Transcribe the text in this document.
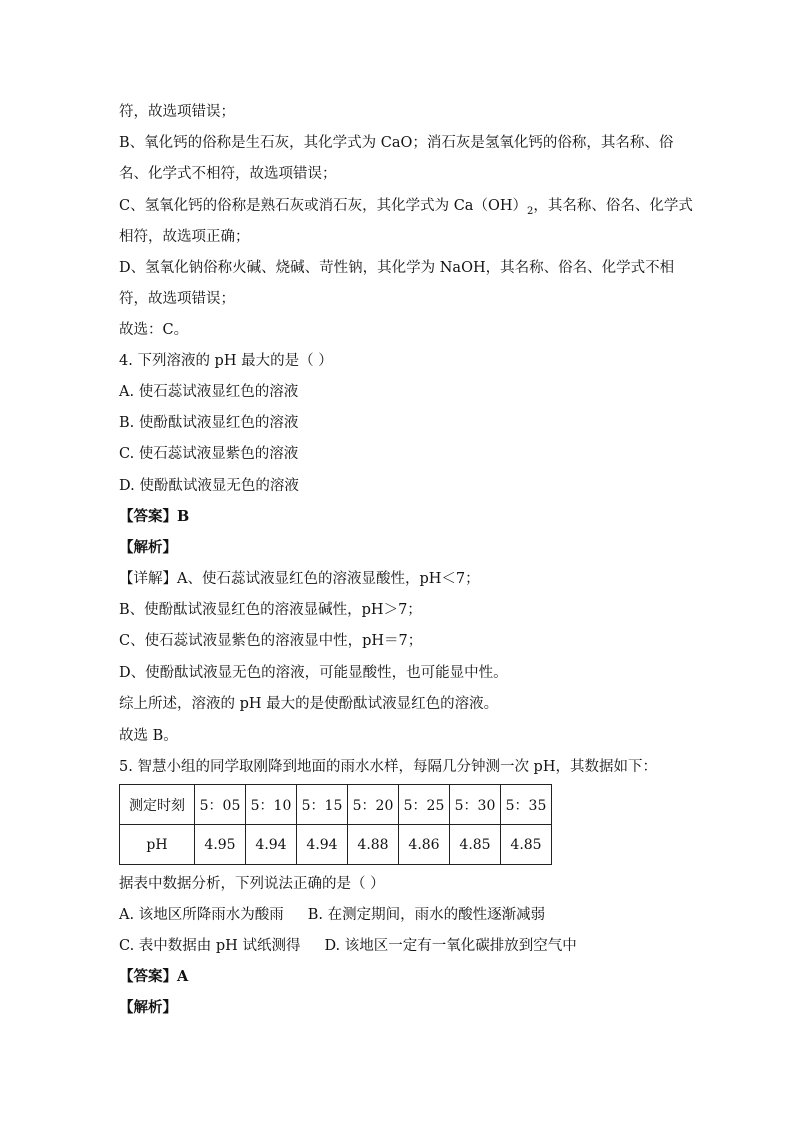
符，故选项错误；
B、氧化钙的俗称是生石灰，其化学式为 CaO；消石灰是氢氧化钙的俗称，其名称、俗
名、化学式不相符，故选项错误；
C、氢氧化钙的俗称是熟石灰或消石灰，其化学式为 $Ca(OH)_2$，其名称、俗名、化学式
相符，故选项正确；
D、氢氧化钠俗称火碱、烧碱、苛性钠，其化学为 NaOH，其名称、俗名、化学式不相
符，故选项错误；
故选：C。
4. 下列溶液的 pH 最大的是（ ）
A. 使石蕊试液显红色的溶液
B. 使酚酞试液显红色的溶液
C. 使石蕊试液显紫色的溶液
D. 使酚酞试液显无色的溶液
【答案】B
【解析】
【详解】A、使石蕊试液显红色的溶液显酸性，pH＜7；
B、使酚酞试液显红色的溶液显碱性，pH＞7；
C、使石蕊试液显紫色的溶液显中性，pH＝7；
D、使酚酞试液显无色的溶液，可能显酸性，也可能显中性。
综上所述，溶液的 pH 最大的是使酚酞试液显红色的溶液。
故选 B。
5. 智慧小组的同学取刚降到地面的雨水水样，每隔几分钟测一次 pH，其数据如下：
测定时刻	5：05	5：10	5：15	5：20	5：25	5：30	5：35
pH	4.95	4.94	4.94	4.88	4.86	4.85	4.85
据表中数据分析，下列说法正确的是（ ）
A. 该地区所降雨水为酸雨 B. 在测定期间，雨水的酸性逐渐减弱
C. 表中数据由 pH 试纸测得 D. 该地区一定有一氧化碳排放到空气中
【答案】A
【解析】
